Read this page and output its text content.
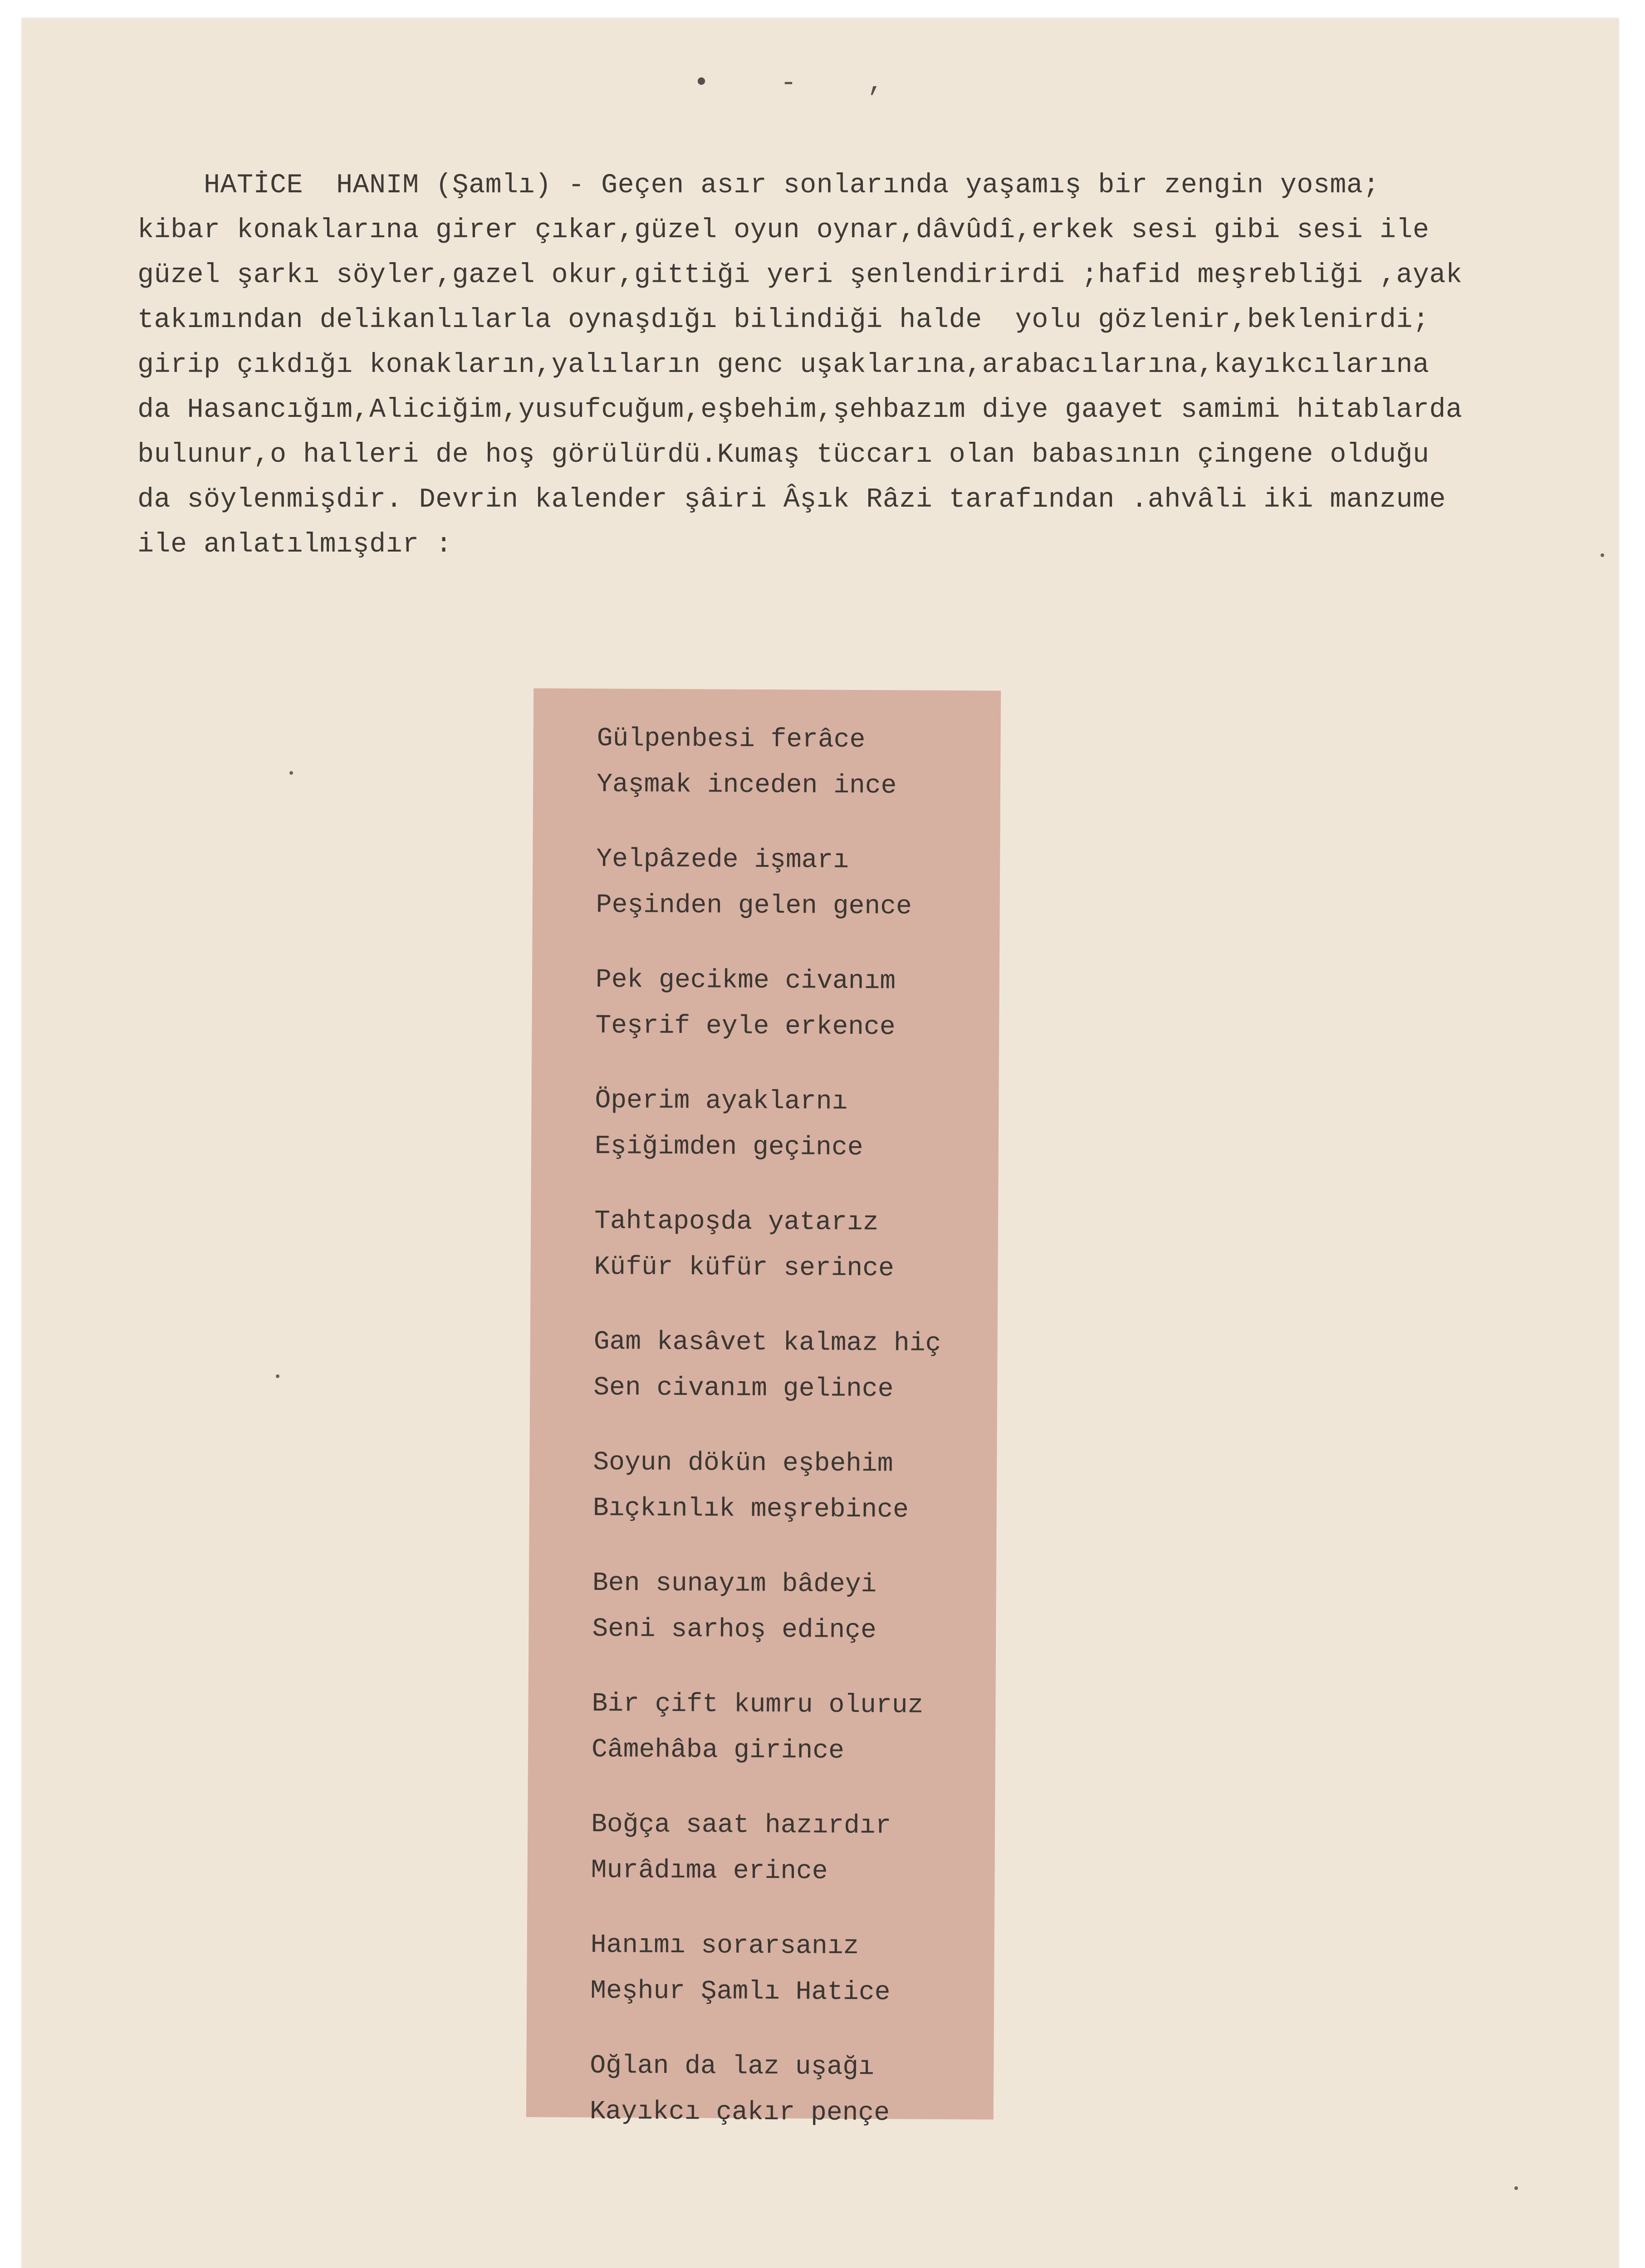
• - ,
HATİCE  HANIM (Şamlı) - Geçen asır sonlarında yaşamış bir zengin yosma;
kibar konaklarına girer çıkar,güzel oyun oynar,dâvûdî,erkek sesi gibi sesi ile
güzel şarkı söyler,gazel okur,gittiği yeri şenlendirirdi ;hafid meşrebliği ,ayak
takımından delikanlılarla oynaşdığı bilindiği halde  yolu gözlenir,beklenirdi;
girip çıkdığı konakların,yalıların genc uşaklarına,arabacılarına,kayıkcılarına
da Hasancığım,Aliciğim,yusufcuğum,eşbehim,şehbazım diye gaayet samimi hitablarda
bulunur,o halleri de hoş görülürdü.Kumaş tüccarı olan babasının çingene olduğu
da söylenmişdir. Devrin kalender şâiri Âşık Râzi tarafından .ahvâli iki manzume
ile anlatılmışdır :
Gülpenbesi ferâce
Yaşmak inceden ince
Yelpâzede işmarı
Peşinden gelen gence
Pek gecikme civanım
Teşrif eyle erkence
Öperim ayaklarnı
Eşiğimden geçince
Tahtapoşda yatarız
Küfür küfür serince
Gam kasâvet kalmaz hiç
Sen civanım gelince
Soyun dökün eşbehim
Bıçkınlık meşrebince
Ben sunayım bâdeyi
Seni sarhoş edinçe
Bir çift kumru oluruz
Câmehâba girince
Boğça saat hazırdır
Murâdıma erince
Hanımı sorarsanız
Meşhur Şamlı Hatice
Oğlan da laz uşağı
Kayıkcı çakır pençe
